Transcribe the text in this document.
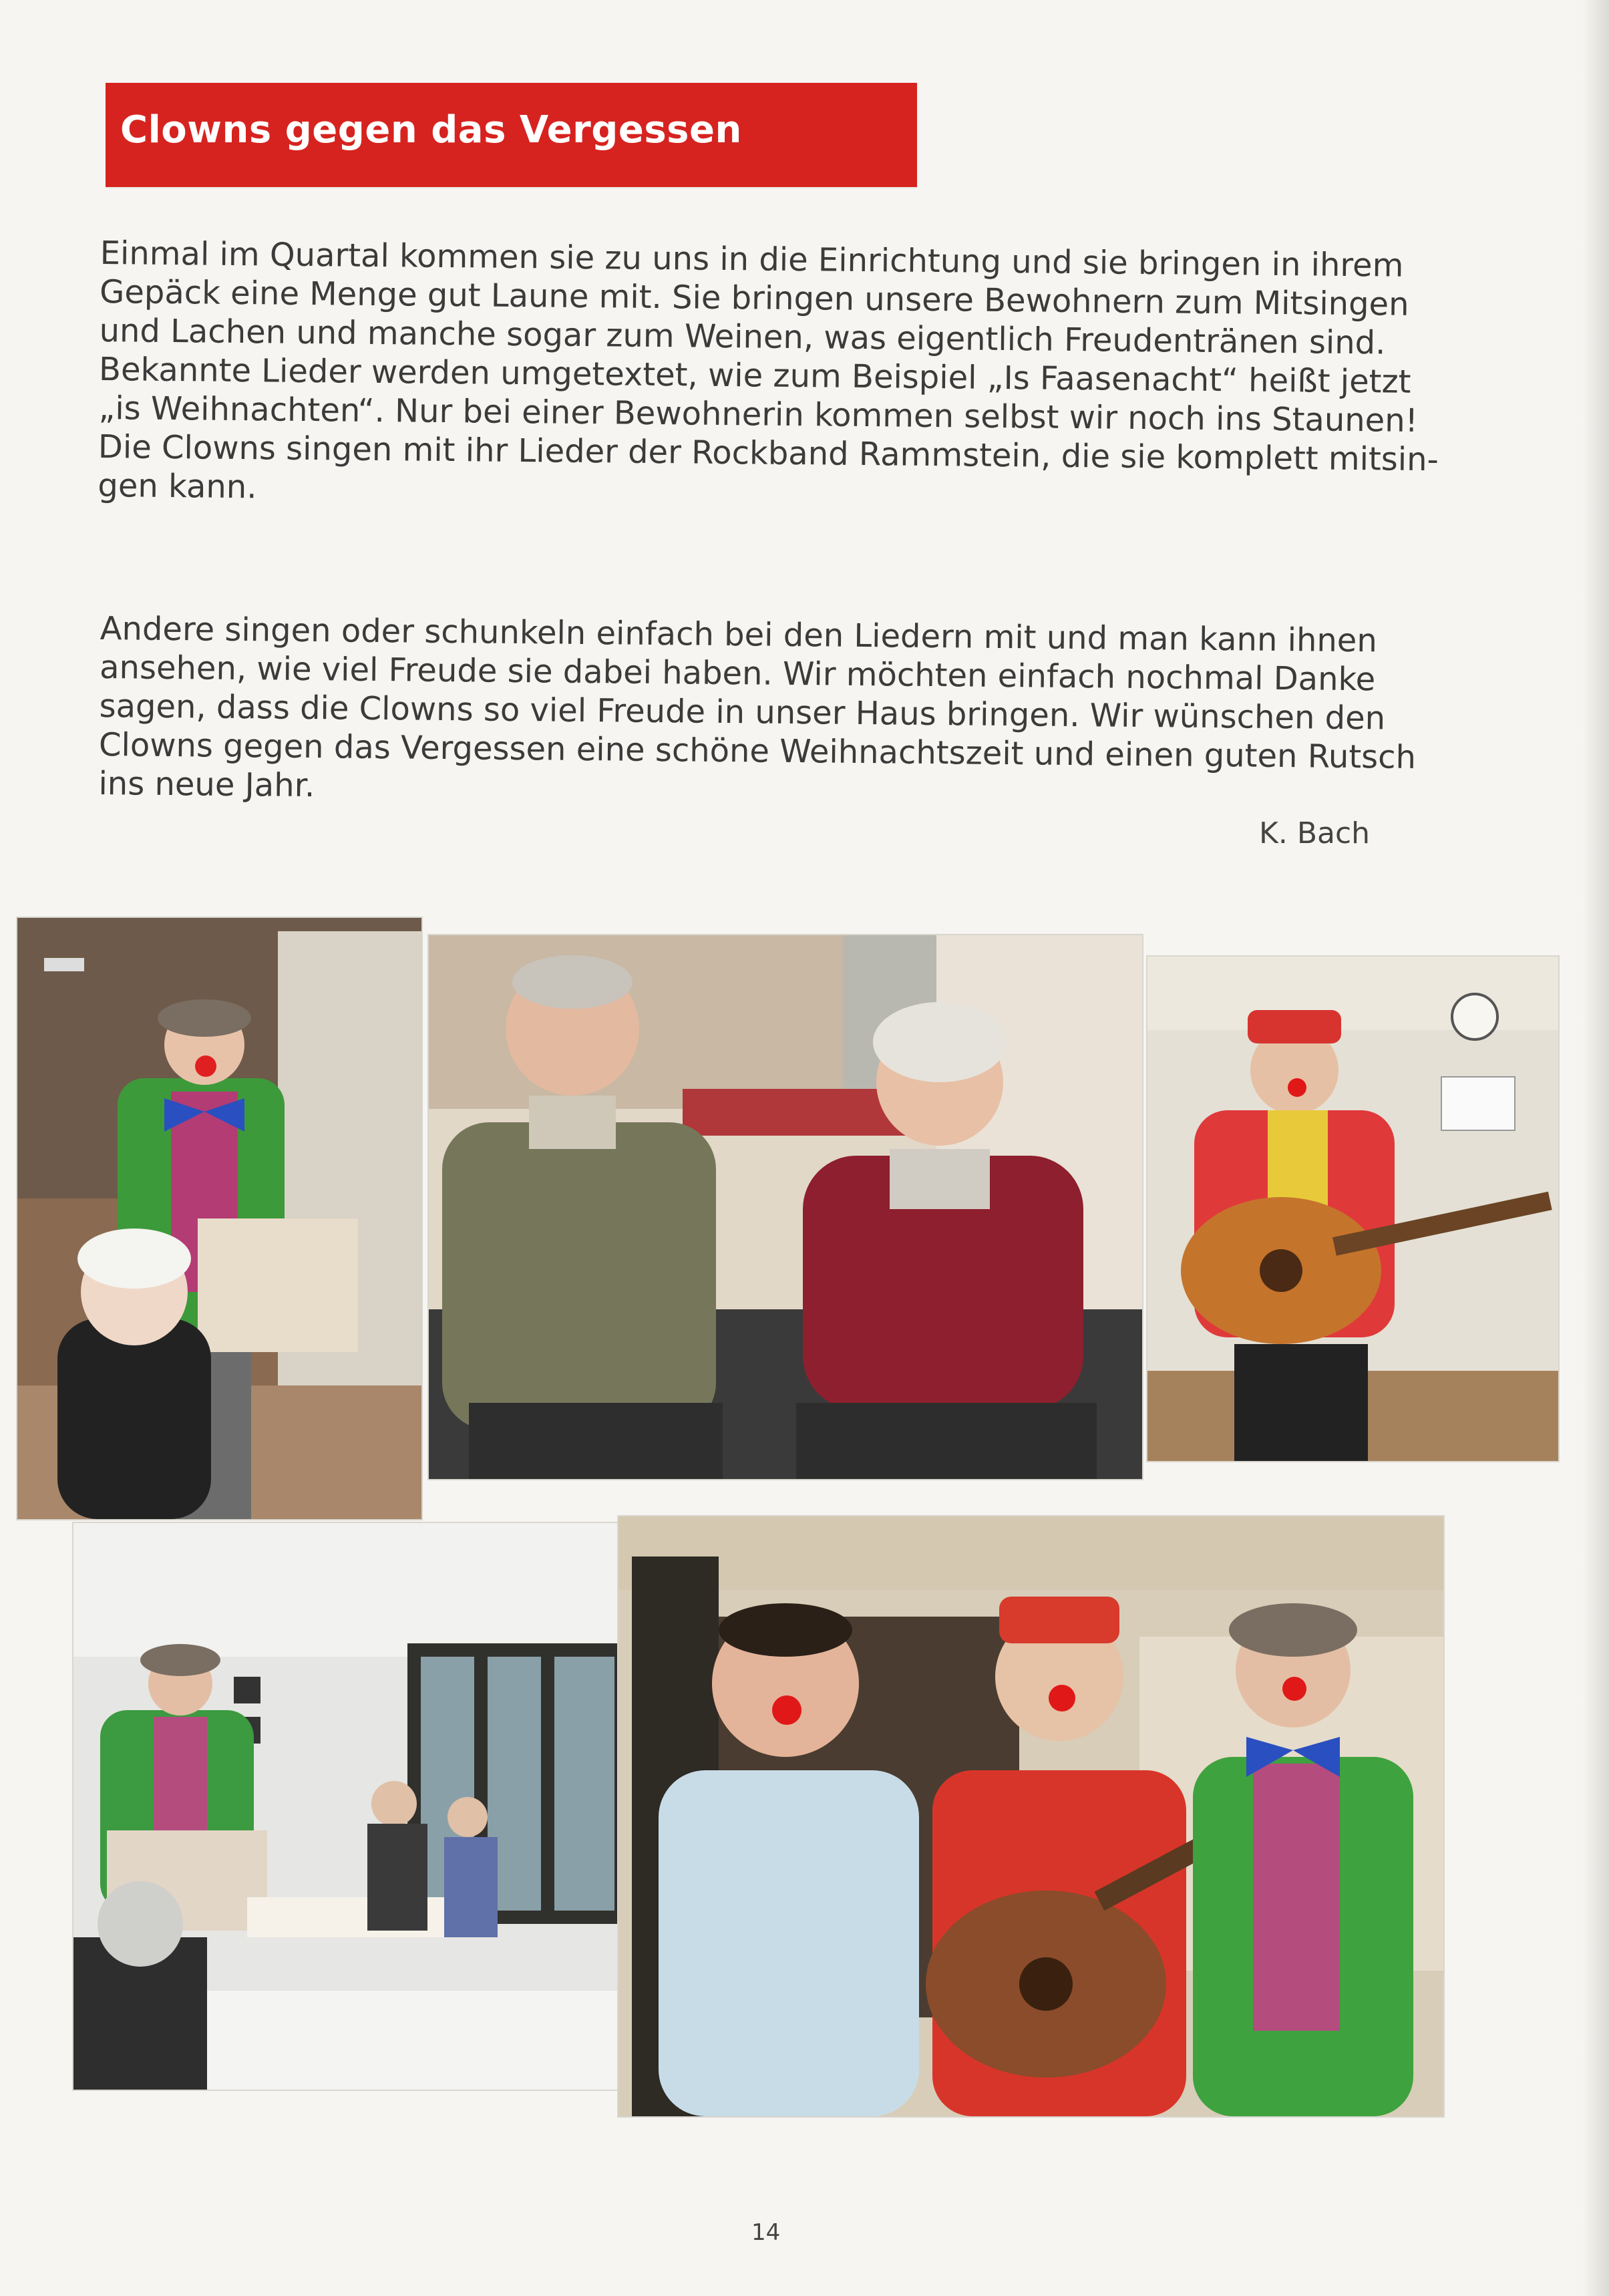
Clowns gegen das Vergessen

Einmal im Quartal kommen sie zu uns in die Einrichtung und sie bringen in ihrem

Gepäck eine Menge gut Laune mit. Sie bringen unsere Bewohnern zum Mitsingen

und Lachen und manche sogar zum Weinen, was eigentlich Freudentränen sind.

Bekannte Lieder werden umgetextet, wie zum Beispiel „Is Faasenacht“ heißt jetzt

„is Weihnachten“. Nur bei einer Bewohnerin kommen selbst wir noch ins Staunen!

Die Clowns singen mit ihr Lieder der Rockband Rammstein, die sie komplett mitsin-

gen kann.

Andere singen oder schunkeln einfach bei den Liedern mit und man kann ihnen

ansehen, wie viel Freude sie dabei haben. Wir möchten einfach nochmal Danke

sagen, dass die Clowns so viel Freude in unser Haus bringen. Wir wünschen den

Clowns gegen das Vergessen eine schöne Weihnachtszeit und einen guten Rutsch

ins neue Jahr.

K. Bach
14
